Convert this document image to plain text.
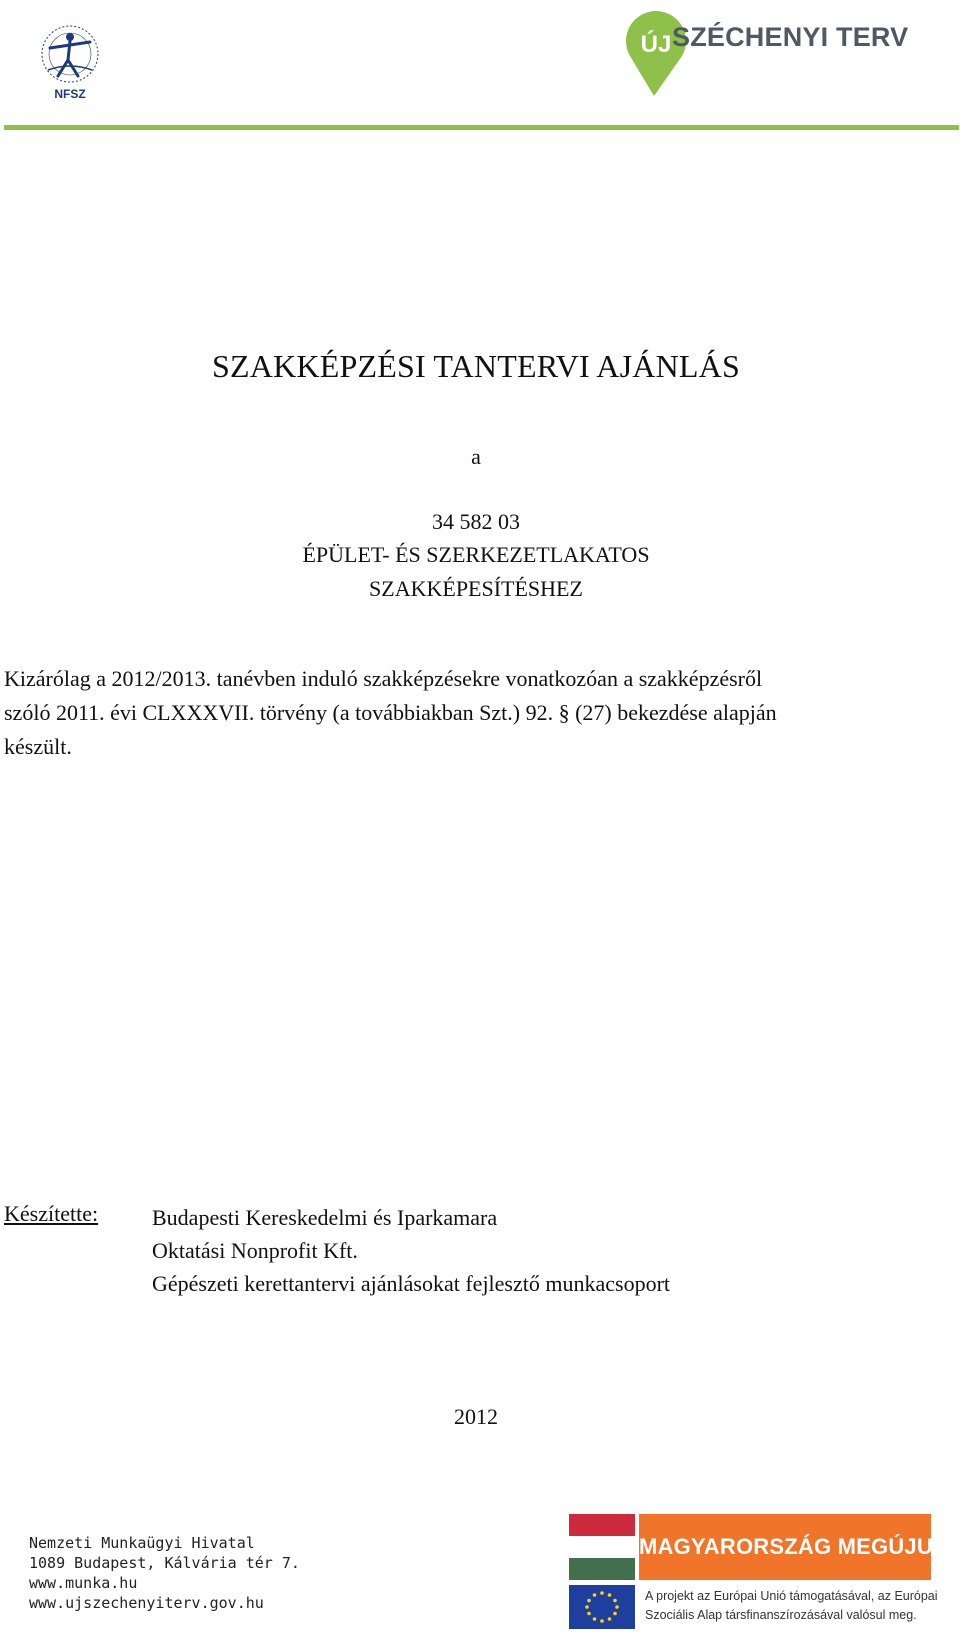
NFSZ
ÚJ SZÉCHENYI TERV
SZAKKÉPZÉSI TANTERVI AJÁNLÁS
a
34 582 03
ÉPÜLET- ÉS SZERKEZETLAKATOS
SZAKKÉPESÍTÉSHEZ
Kizárólag a 2012/2013. tanévben induló szakképzésekre vonatkozóan a szakképzésről
szóló 2011. évi CLXXXVII. törvény (a továbbiakban Szt.) 92. § (27) bekezdése alapján
készült.
Készítette: Budapesti Kereskedelmi és Iparkamara
Oktatási Nonprofit Kft.
Gépészeti kerettantervi ajánlásokat fejlesztő munkacsoport
2012
Nemzeti Munkaügyi Hivatal
1089 Budapest, Kálvária tér 7.
www.munka.hu
www.ujszechenyiterv.gov.hu
MAGYARORSZÁG MEGÚJUL
A projekt az Európai Unió támogatásával, az Európai
Szociális Alap társfinanszírozásával valósul meg.
